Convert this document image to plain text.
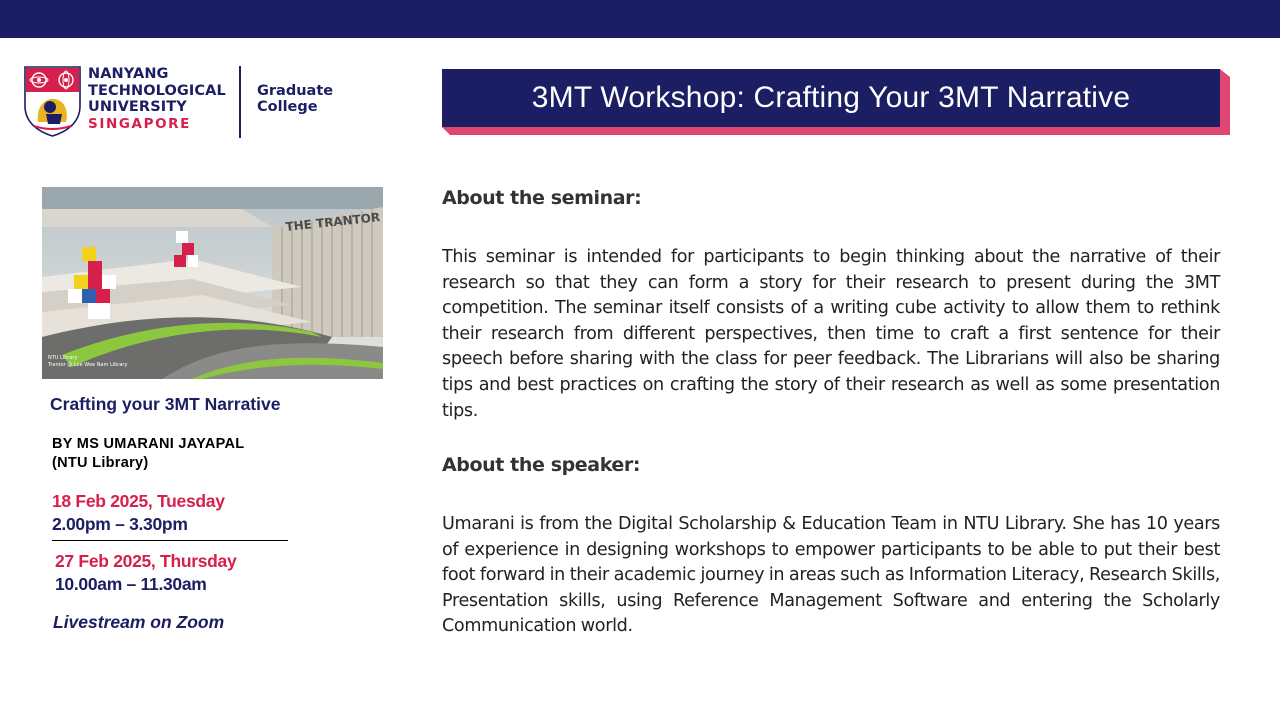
NANYANG
TECHNOLOGICAL
UNIVERSITY
SINGAPORE
Graduate College	3MT Workshop: Crafting Your 3MT Narrative
THE TRANTOR
NTU Library
Trantor @ Lee Wee Nam Library
Crafting your 3MT Narrative
BY MS UMARANI JAYAPAL
(NTU Library)
18 Feb 2025, Tuesday
2.00pm – 3.30pm
27 Feb 2025, Thursday
10.00am – 11.30am
Livestream on Zoom
About the seminar:
This seminar is intended for participants to begin thinking about the narrative of their research so that they can form a story for their research to present during the 3MT competition. The seminar itself consists of a writing cube activity to allow them to rethink their research from different perspectives, then time to craft a first sentence for their speech before sharing with the class for peer feedback. The Librarians will also be sharing tips and best practices on crafting the story of their research as well as some presentation tips.
About the speaker:
Umarani is from the Digital Scholarship & Education Team in NTU Library. She has 10 years of experience in designing workshops to empower participants to be able to put their best foot forward in their academic journey in areas such as Information Literacy, Research Skills, Presentation skills, using Reference Management Software and entering the Scholarly Communication world.
